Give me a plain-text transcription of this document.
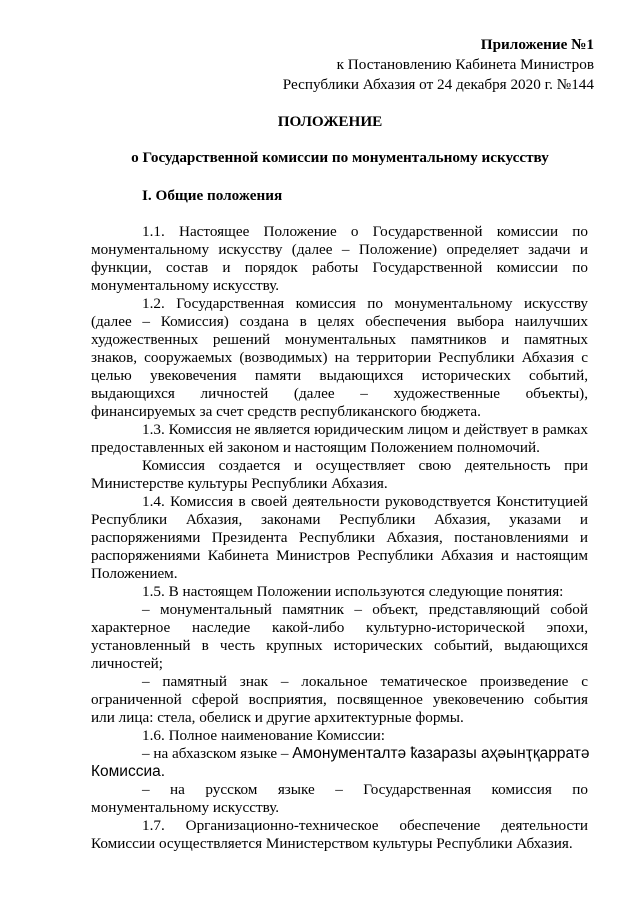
Приложение №1
к Постановлению Кабинета Министров
Республики Абхазия от 24 декабря 2020 г. №144
ПОЛОЖЕНИЕ
о Государственной комиссии по монументальному искусству
I. Общие положения
1.1. Настоящее Положение о Государственной комиссии по
монументальному искусству (далее – Положение) определяет задачи и
функции, состав и порядок работы Государственной комиссии по
монументальному искусству.
1.2. Государственная комиссия по монументальному искусству
(далее – Комиссия) создана в целях обеспечения выбора наилучших
художественных решений монументальных памятников и памятных
знаков, сооружаемых (возводимых) на территории Республики Абхазия с
целью увековечения памяти выдающихся исторических событий,
выдающихся личностей (далее – художественные объекты),
финансируемых за счет средств республиканского бюджета.
1.3. Комиссия не является юридическим лицом и действует в рамках
предоставленных ей законом и настоящим Положением полномочий.
Комиссия создается и осуществляет свою деятельность при
Министерстве культуры Республики Абхазия.
1.4. Комиссия в своей деятельности руководствуется Конституцией
Республики Абхазия, законами Республики Абхазия, указами и
распоряжениями Президента Республики Абхазия, постановлениями и
распоряжениями Кабинета Министров Республики Абхазия и настоящим
Положением.
1.5. В настоящем Положении используются следующие понятия:
– монументальный памятник – объект, представляющий собой
характерное наследие какой-либо культурно-исторической эпохи,
установленный в честь крупных исторических событий, выдающихся
личностей;
– памятный знак – локальное тематическое произведение с
ограниченной сферой восприятия, посвященное увековечению события
или лица: стела, обелиск и другие архитектурные формы.
1.6. Полное наименование Комиссии:
– на абхазском языке – Амонументалтә ҟазаразы аҳәынҭқарратә
Комиссиа.
– на русском языке – Государственная комиссия по
монументальному искусству.
1.7. Организационно-техническое обеспечение деятельности
Комиссии осуществляется Министерством культуры Республики Абхазия.
